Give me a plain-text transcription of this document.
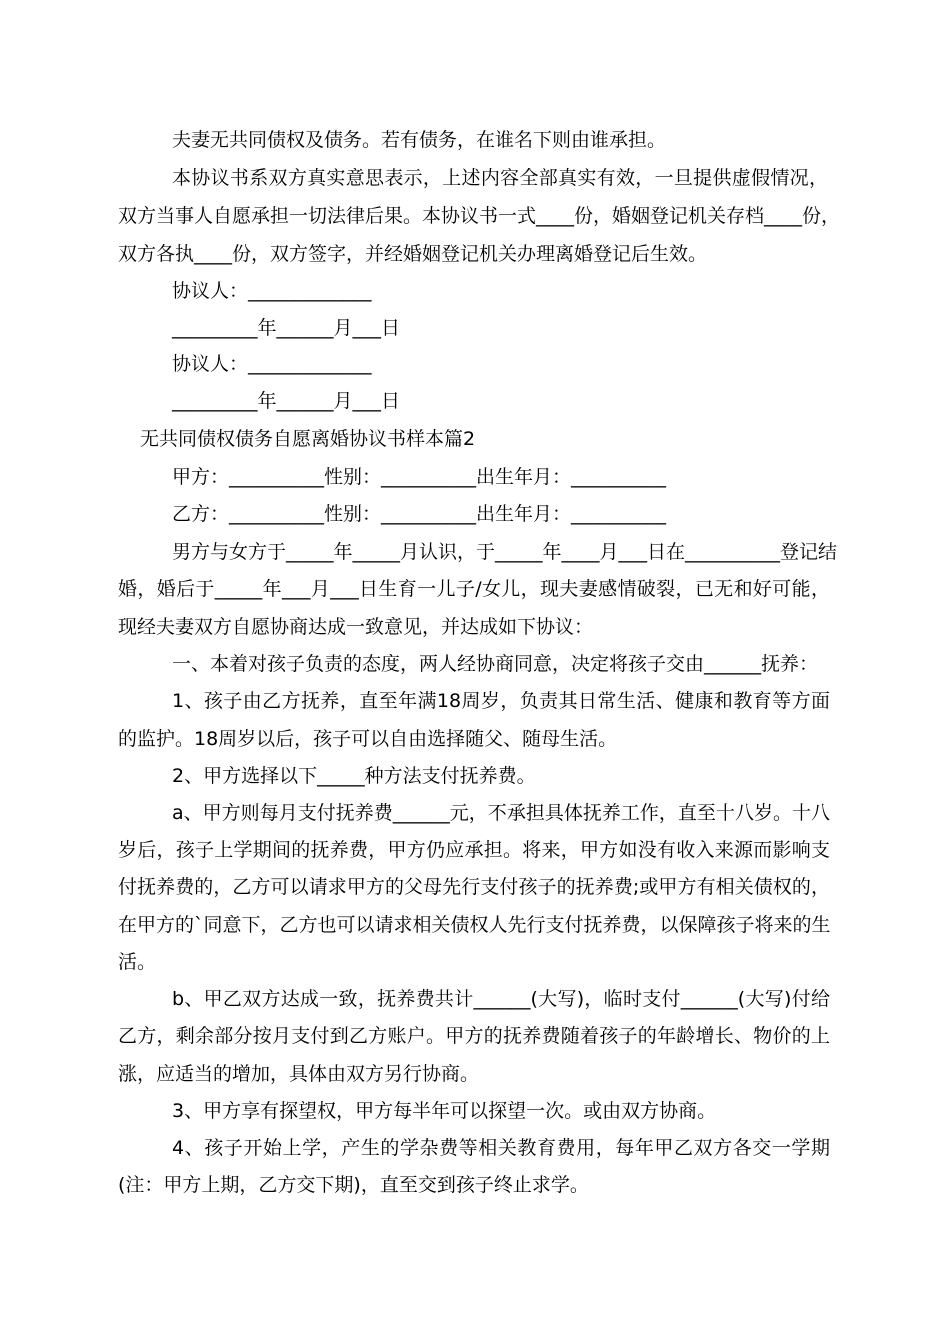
夫妻无共同债权及债务。若有债务，在谁名下则由谁承担。
本协议书系双方真实意思表示，上述内容全部真实有效，一旦提供虚假情况，
双方当事人自愿承担一切法律后果。本协议书一式____份，婚姻登记机关存档____份，
双方各执____份，双方签字，并经婚姻登记机关办理离婚登记后生效。
协议人：_____________
_________年______月___日
协议人：_____________
_________年______月___日
无共同债权债务自愿离婚协议书样本篇2
甲方：__________性别：__________出生年月：__________
乙方：__________性别：__________出生年月：__________
男方与女方于_____年_____月认识，于_____年____月___日在__________登记结
婚，婚后于_____年___月___日生育一儿子/女儿，现夫妻感情破裂，已无和好可能，
现经夫妻双方自愿协商达成一致意见，并达成如下协议：
一、本着对孩子负责的态度，两人经协商同意，决定将孩子交由______抚养：
1、孩子由乙方抚养，直至年满18周岁，负责其日常生活、健康和教育等方面
的监护。18周岁以后，孩子可以自由选择随父、随母生活。
2、甲方选择以下_____种方法支付抚养费。
a、甲方则每月支付抚养费______元，不承担具体抚养工作，直至十八岁。十八
岁后，孩子上学期间的抚养费，甲方仍应承担。将来，甲方如没有收入来源而影响支
付抚养费的，乙方可以请求甲方的父母先行支付孩子的抚养费;或甲方有相关债权的，
在甲方的`同意下，乙方也可以请求相关债权人先行支付抚养费，以保障孩子将来的生
活。
b、甲乙双方达成一致，抚养费共计______(大写)，临时支付______(大写)付给
乙方，剩余部分按月支付到乙方账户。甲方的抚养费随着孩子的年龄增长、物价的上
涨，应适当的增加，具体由双方另行协商。
3、甲方享有探望权，甲方每半年可以探望一次。或由双方协商。
4、孩子开始上学，产生的学杂费等相关教育费用，每年甲乙双方各交一学期
(注：甲方上期，乙方交下期)，直至交到孩子终止求学。
